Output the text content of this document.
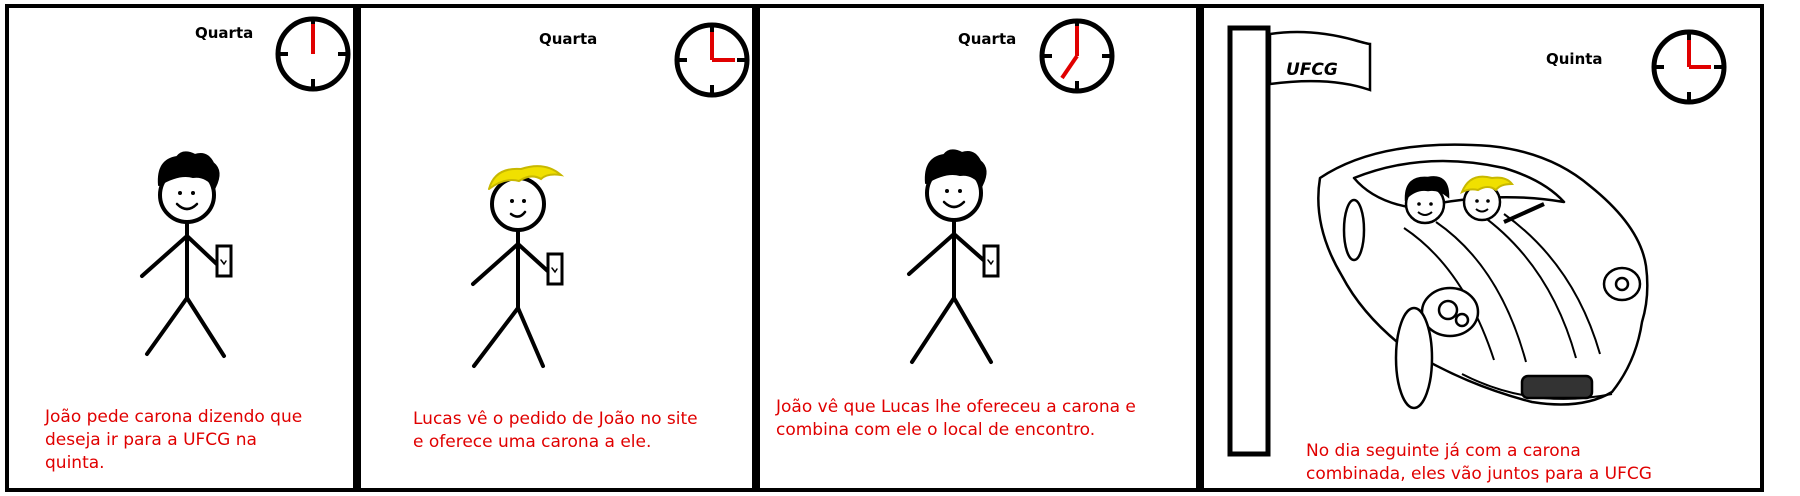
Quarta
João pede carona dizendo que deseja ir para a UFCG na quinta.
Quarta
Lucas vê o pedido de João no site e oferece uma carona a ele.
Quarta
João vê que Lucas lhe ofereceu a carona e combina com ele o local de encontro.
Quinta
UFCG
No dia seguinte já com a carona combinada, eles vão juntos para a UFCG
